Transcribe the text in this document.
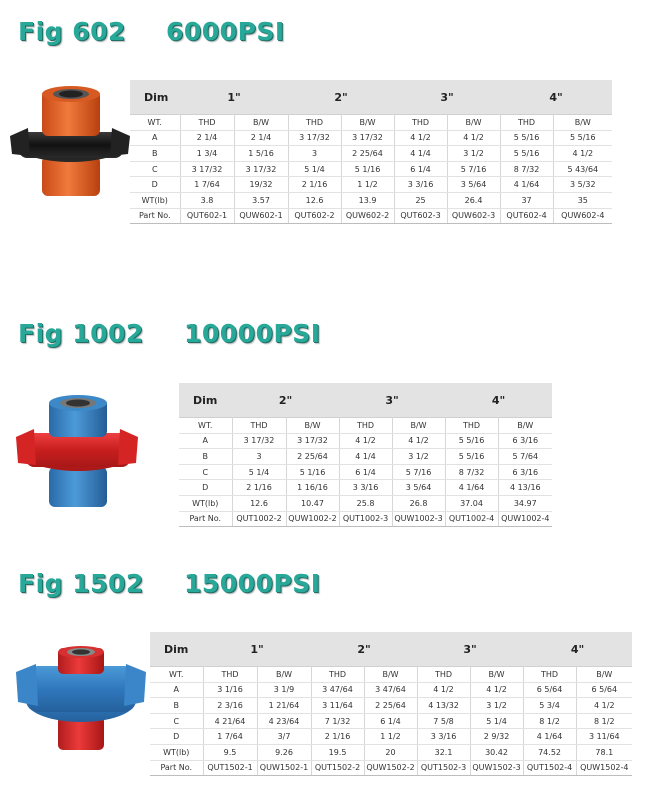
Fig 602 6000PSI
Dim	1"		2"		3"		4"	
WT.	THD	B/W	THD	B/W	THD	B/W	THD	B/W
A	2 1/4	2 1/4	3 17/32	3 17/32	4 1/2	4 1/2	5 5/16	5 5/16
B	1 3/4	1 5/16	3	2 25/64	4 1/4	3 1/2	5 5/16	4 1/2
C	3 17/32	3 17/32	5 1/4	5 1/16	6 1/4	5 7/16	8 7/32	5 43/64
D	1 7/64	19/32	2 1/16	1 1/2	3 3/16	3 5/64	4 1/64	3 5/32
WT(lb)	3.8	3.57	12.6	13.9	25	26.4	37	35
Part No.	QUT602-1	QUW602-1	QUT602-2	QUW602-2	QUT602-3	QUW602-3	QUT602-4	QUW602-4
Fig 1002 10000PSI
Dim	2"		3"		4"	
WT.	THD	B/W	THD	B/W	THD	B/W
A	3 17/32	3 17/32	4 1/2	4 1/2	5 5/16	6 3/16
B	3	2 25/64	4 1/4	3 1/2	5 5/16	5 7/64
C	5 1/4	5 1/16	6 1/4	5 7/16	8 7/32	6 3/16
D	2 1/16	1 16/16	3 3/16	3 5/64	4 1/64	4 13/16
WT(lb)	12.6	10.47	25.8	26.8	37.04	34.97
Part No.	QUT1002-2	QUW1002-2	QUT1002-3	QUW1002-3	QUT1002-4	QUW1002-4
Fig 1502 15000PSI
Dim	1"		2"		3"		4"	
WT.	THD	B/W	THD	B/W	THD	B/W	THD	B/W
A	3 1/16	3 1/9	3 47/64	3 47/64	4 1/2	4 1/2	6 5/64	6 5/64
B	2 3/16	1 21/64	3 11/64	2 25/64	4 13/32	3 1/2	5 3/4	4 1/2
C	4 21/64	4 23/64	7 1/32	6 1/4	7 5/8	5 1/4	8 1/2	8 1/2
D	1 7/64	3/7	2 1/16	1 1/2	3 3/16	2 9/32	4 1/64	3 11/64
WT(lb)	9.5	9.26	19.5	20	32.1	30.42	74.52	78.1
Part No.	QUT1502-1	QUW1502-1	QUT1502-2	QUW1502-2	QUT1502-3	QUW1502-3	QUT1502-4	QUW1502-4
